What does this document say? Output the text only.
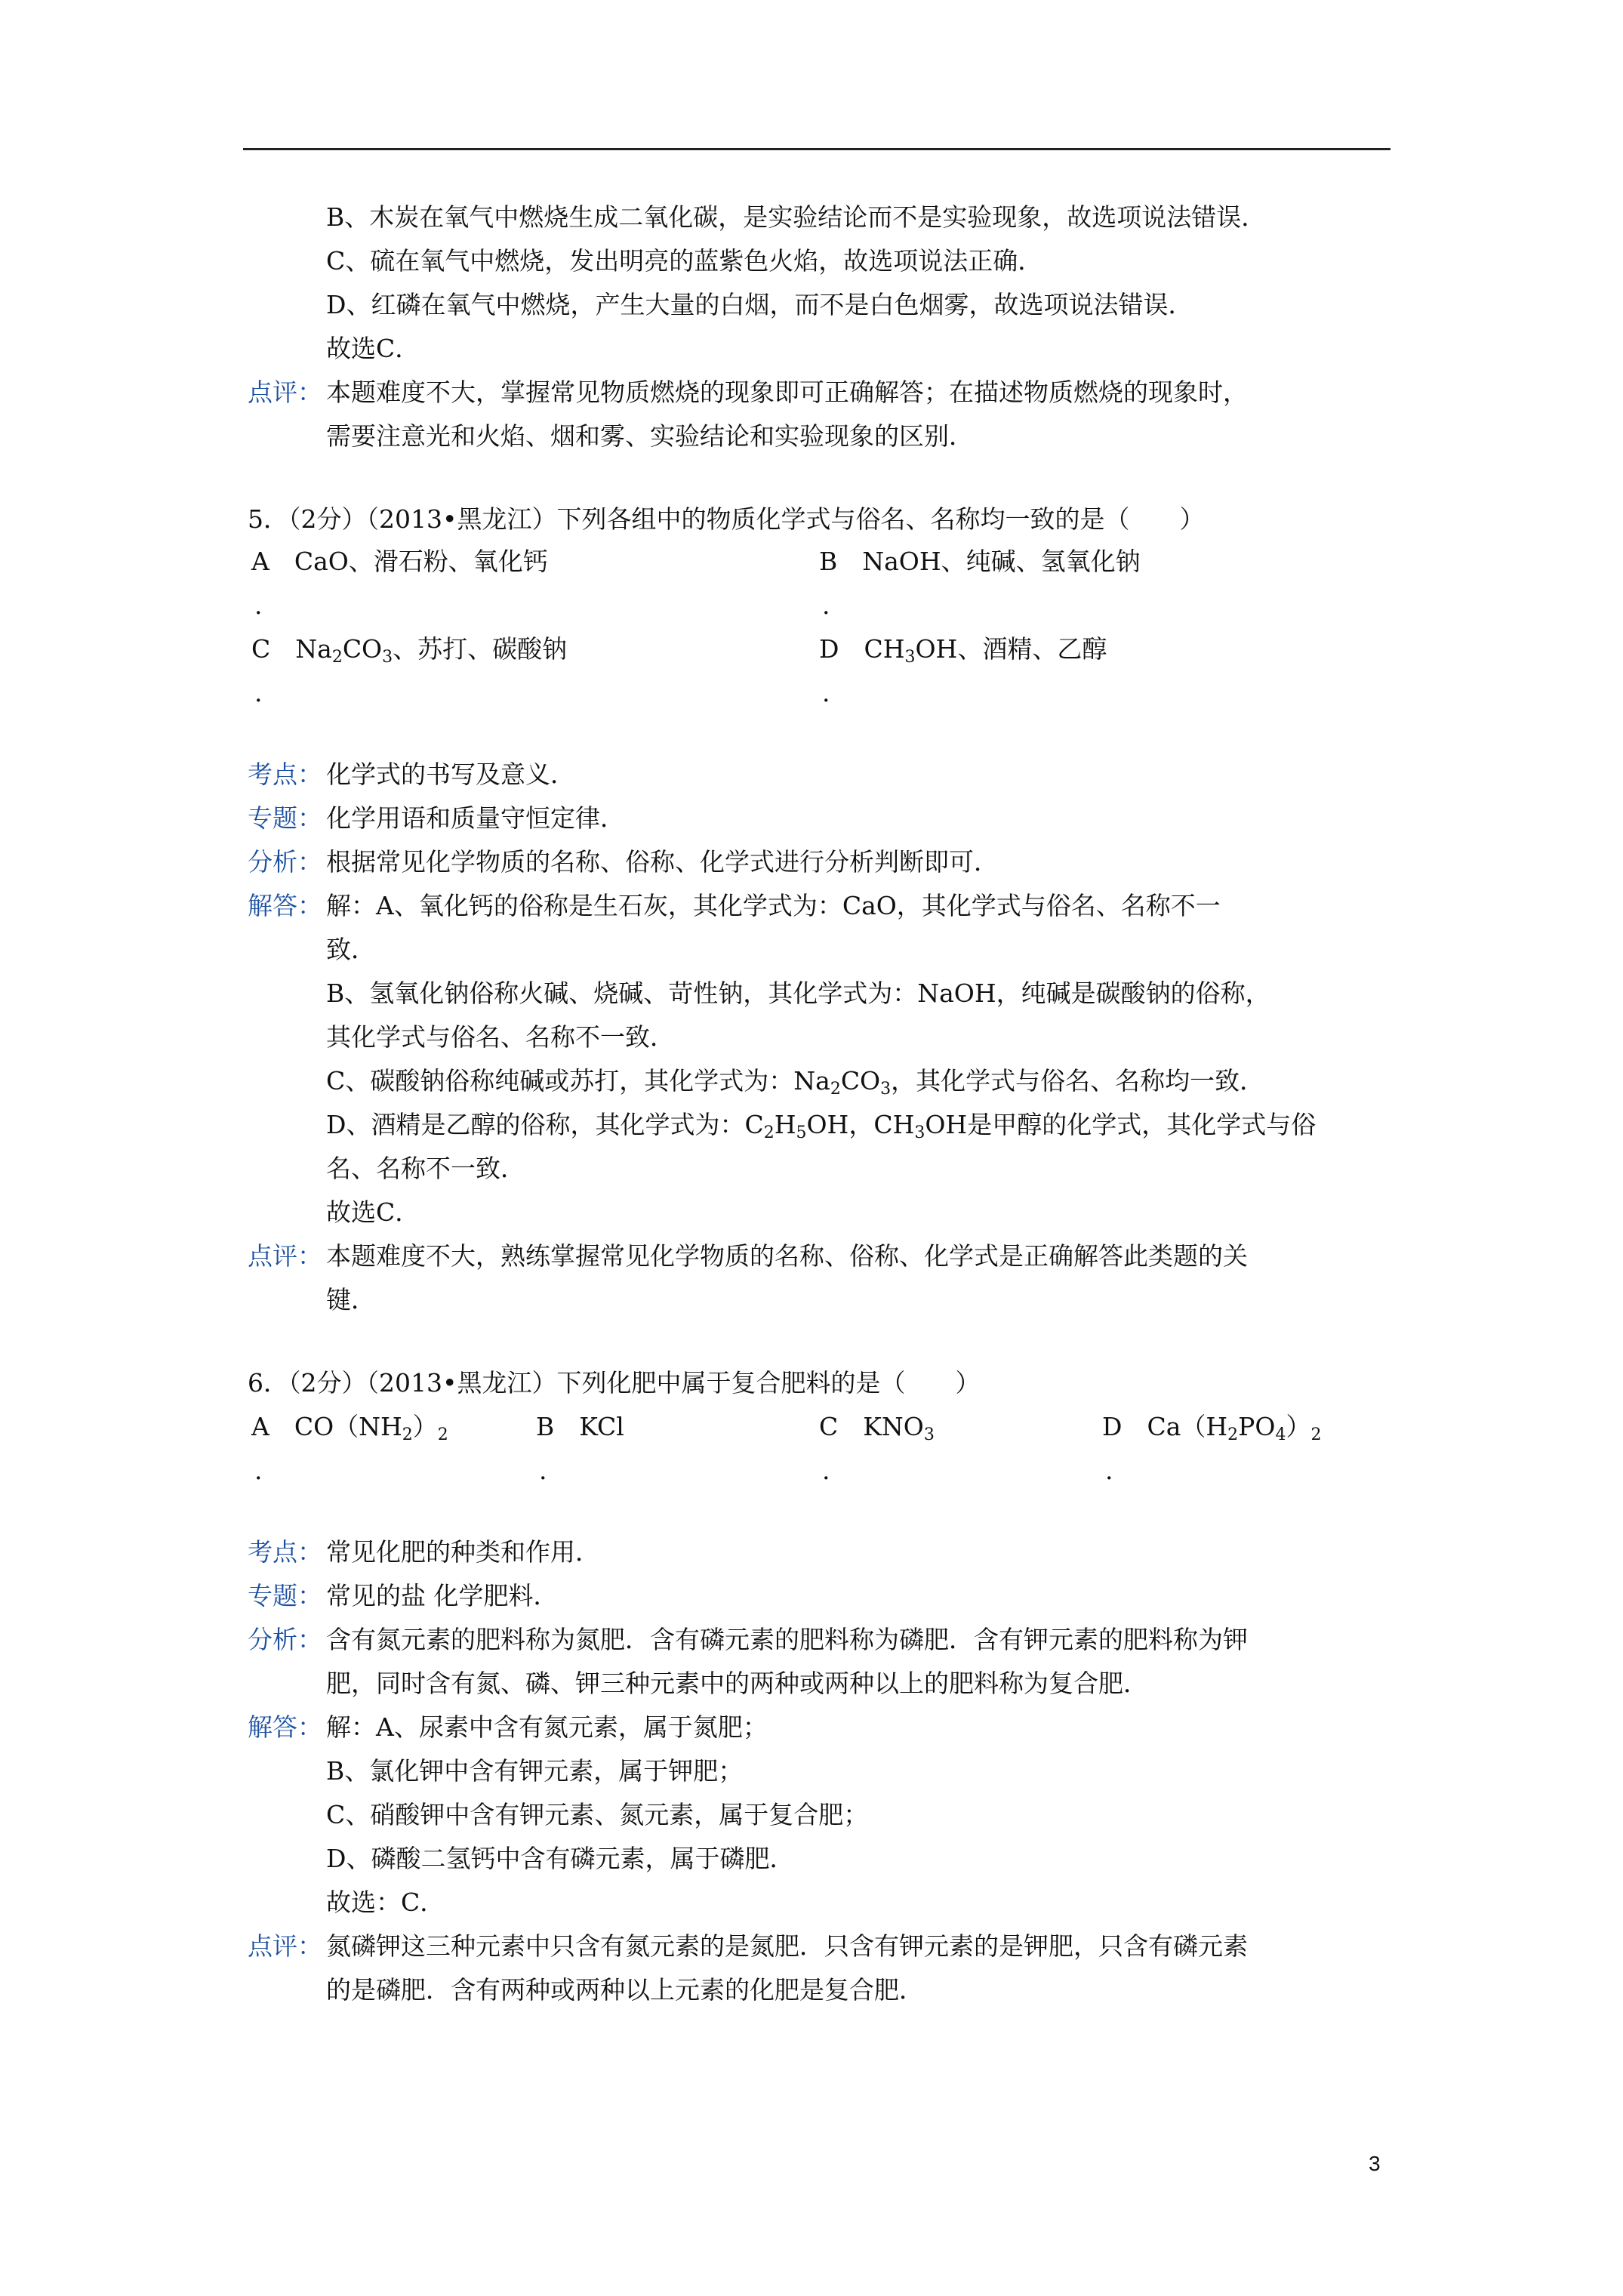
B、木炭在氧气中燃烧生成二氧化碳，是实验结论而不是实验现象，故选项说法错误．
C、硫在氧气中燃烧，发出明亮的蓝紫色火焰，故选项说法正确．
D、红磷在氧气中燃烧，产生大量的白烟，而不是白色烟雾，故选项说法错误．
故选C．
点评： 本题难度不大，掌握常见物质燃烧的现象即可正确解答；在描述物质燃烧的现象时，
需要注意光和火焰、烟和雾、实验结论和实验现象的区别．
5．（2分）（2013•黑龙江）下列各组中的物质化学式与俗名、名称均一致的是（　　）
A　CaO、滑石粉、氧化钙	B　NaOH、纯碱、氢氧化钠
.	.
C　$Na_2CO_3$、苏打、碳酸钠	D　$CH_3OH$、酒精、乙醇
.	.
考点： 化学式的书写及意义．
专题： 化学用语和质量守恒定律．
分析： 根据常见化学物质的名称、俗称、化学式进行分析判断即可．
解答： 解：A、氧化钙的俗称是生石灰，其化学式为：CaO，其化学式与俗名、名称不一
致．
B、氢氧化钠俗称火碱、烧碱、苛性钠，其化学式为：NaOH，纯碱是碳酸钠的俗称，
其化学式与俗名、名称不一致．
C、碳酸钠俗称纯碱或苏打，其化学式为：$Na_2CO_3$，其化学式与俗名、名称均一致．
D、酒精是乙醇的俗称，其化学式为：$C_2H_5OH$，$CH_3OH$是甲醇的化学式，其化学式与俗
名、名称不一致．
故选C．
点评： 本题难度不大，熟练掌握常见化学物质的名称、俗称、化学式是正确解答此类题的关
键．
6．（2分）（2013•黑龙江）下列化肥中属于复合肥料的是（　　）
A　$CO(NH_2)_2$	B　KCl	C　$KNO_3$	D　$Ca(H_2PO_4)_2$
.	.	.	.
考点： 常见化肥的种类和作用．
专题： 常见的盐 化学肥料．
分析： 含有氮元素的肥料称为氮肥．含有磷元素的肥料称为磷肥．含有钾元素的肥料称为钾
肥，同时含有氮、磷、钾三种元素中的两种或两种以上的肥料称为复合肥．
解答： 解：A、尿素中含有氮元素，属于氮肥；
B、氯化钾中含有钾元素，属于钾肥；
C、硝酸钾中含有钾元素、氮元素，属于复合肥；
D、磷酸二氢钙中含有磷元素，属于磷肥．
故选：C．
点评： 氮磷钾这三种元素中只含有氮元素的是氮肥．只含有钾元素的是钾肥，只含有磷元素
的是磷肥．含有两种或两种以上元素的化肥是复合肥．
3
